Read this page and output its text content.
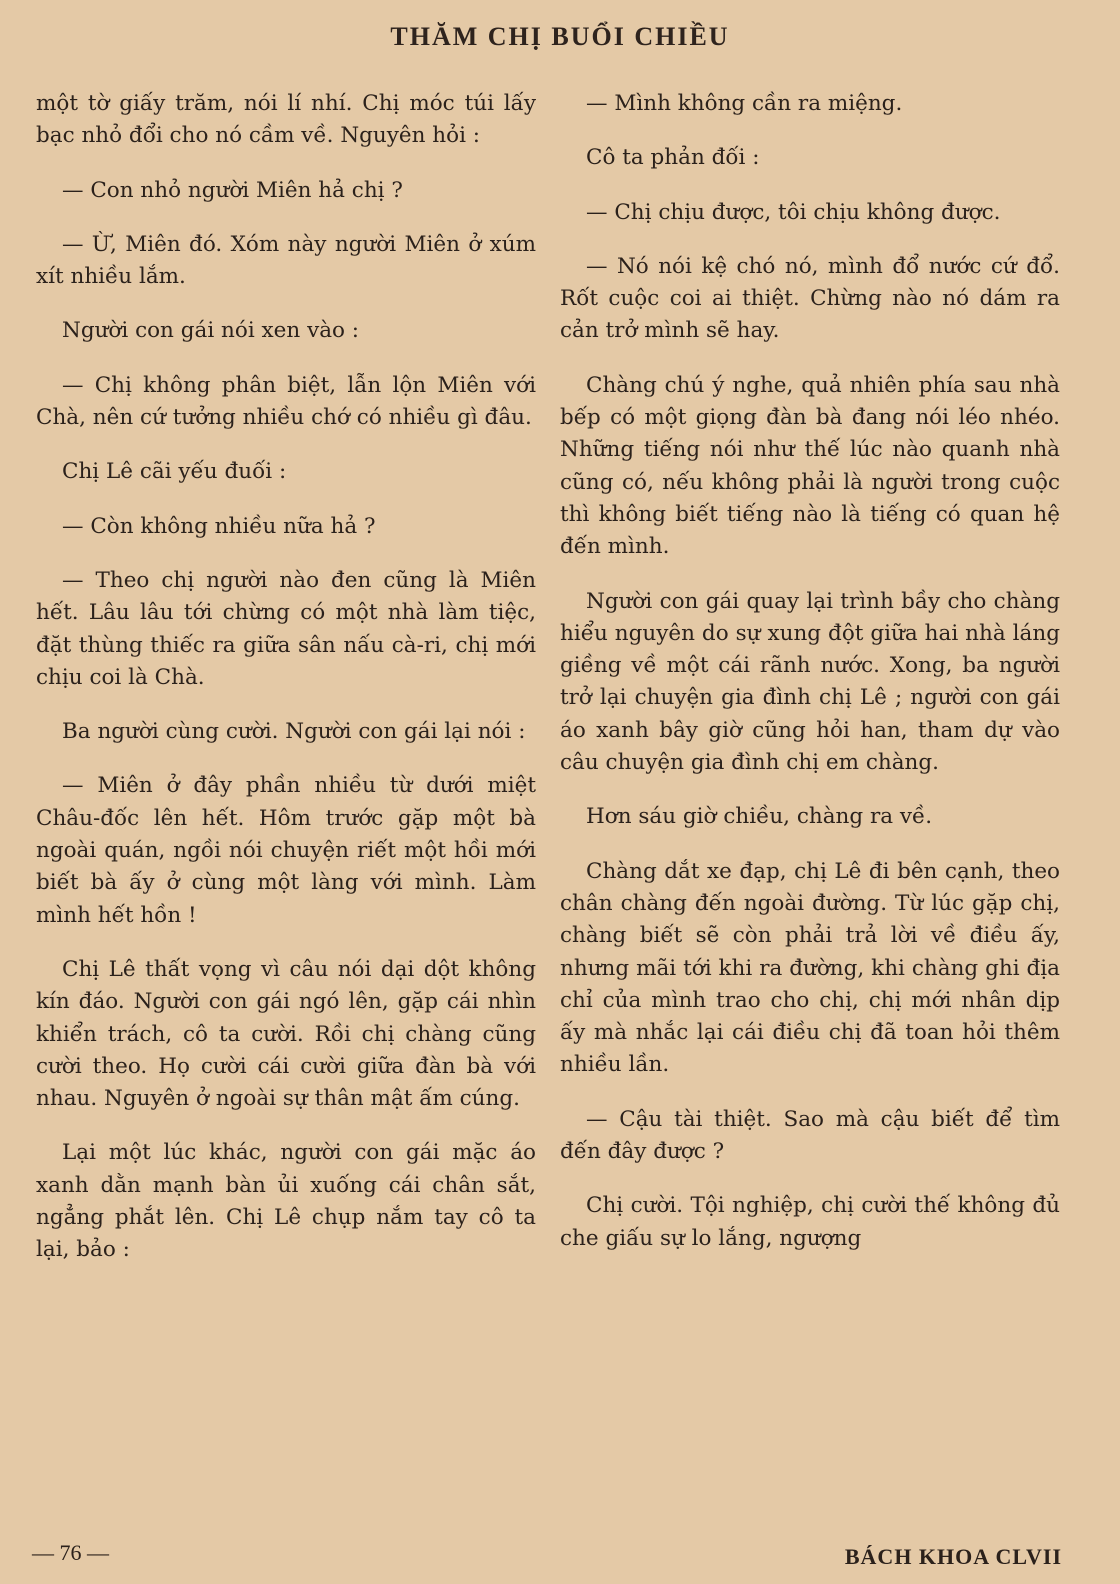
THĂM CHỊ BUỔI CHIỀU

một tờ giấy trăm, nói lí nhí. Chị móc túi lấy bạc nhỏ đổi cho nó cầm về. Nguyên hỏi :

— Con nhỏ người Miên hả chị ?

— Ừ, Miên đó. Xóm này người Miên ở xúm xít nhiều lắm.

Người con gái nói xen vào :

— Chị không phân biệt, lẫn lộn Miên với Chà, nên cứ tưởng nhiều chớ có nhiều gì đâu.

Chị Lê cãi yếu đuối :

— Còn không nhiều nữa hả ?

— Theo chị người nào đen cũng là Miên hết. Lâu lâu tới chừng có một nhà làm tiệc, đặt thùng thiếc ra giữa sân nấu cà-ri, chị mới chịu coi là Chà.

Ba người cùng cười. Người con gái lại nói :

— Miên ở đây phần nhiều từ dưới miệt Châu-đốc lên hết. Hôm trước gặp một bà ngoài quán, ngồi nói chuyện riết một hồi mới biết bà ấy ở cùng một làng với mình. Làm mình hết hồn !

Chị Lê thất vọng vì câu nói dại dột không kín đáo. Người con gái ngó lên, gặp cái nhìn khiển trách, cô ta cười. Rồi chị chàng cũng cười theo. Họ cười cái cười giữa đàn bà với nhau. Nguyên ở ngoài sự thân mật ấm cúng.

Lại một lúc khác, người con gái mặc áo xanh dằn mạnh bàn ủi xuống cái chân sắt, ngẳng phắt lên. Chị Lê chụp nắm tay cô ta lại, bảo :

— Mình không cần ra miệng.

Cô ta phản đối :

— Chị chịu được, tôi chịu không được.

— Nó nói kệ chó nó, mình đổ nước cứ đổ. Rốt cuộc coi ai thiệt. Chừng nào nó dám ra cản trở mình sẽ hay.

Chàng chú ý nghe, quả nhiên phía sau nhà bếp có một giọng đàn bà đang nói léo nhéo. Những tiếng nói như thế lúc nào quanh nhà cũng có, nếu không phải là người trong cuộc thì không biết tiếng nào là tiếng có quan hệ đến mình.

Người con gái quay lại trình bầy cho chàng hiểu nguyên do sự xung đột giữa hai nhà láng giềng về một cái rãnh nước. Xong, ba người trở lại chuyện gia đình chị Lê ; người con gái áo xanh bây giờ cũng hỏi han, tham dự vào câu chuyện gia đình chị em chàng.

Hơn sáu giờ chiều, chàng ra về.

Chàng dắt xe đạp, chị Lê đi bên cạnh, theo chân chàng đến ngoài đường. Từ lúc gặp chị, chàng biết sẽ còn phải trả lời về điều ấy, nhưng mãi tới khi ra đường, khi chàng ghi địa chỉ của mình trao cho chị, chị mới nhân dịp ấy mà nhắc lại cái điều chị đã toan hỏi thêm nhiều lần.

— Cậu tài thiệt. Sao mà cậu biết để tìm đến đây được ?

Chị cười. Tội nghiệp, chị cười thế không đủ che giấu sự lo lắng, ngượng

— 76 —	BÁCH KHOA CLVII
